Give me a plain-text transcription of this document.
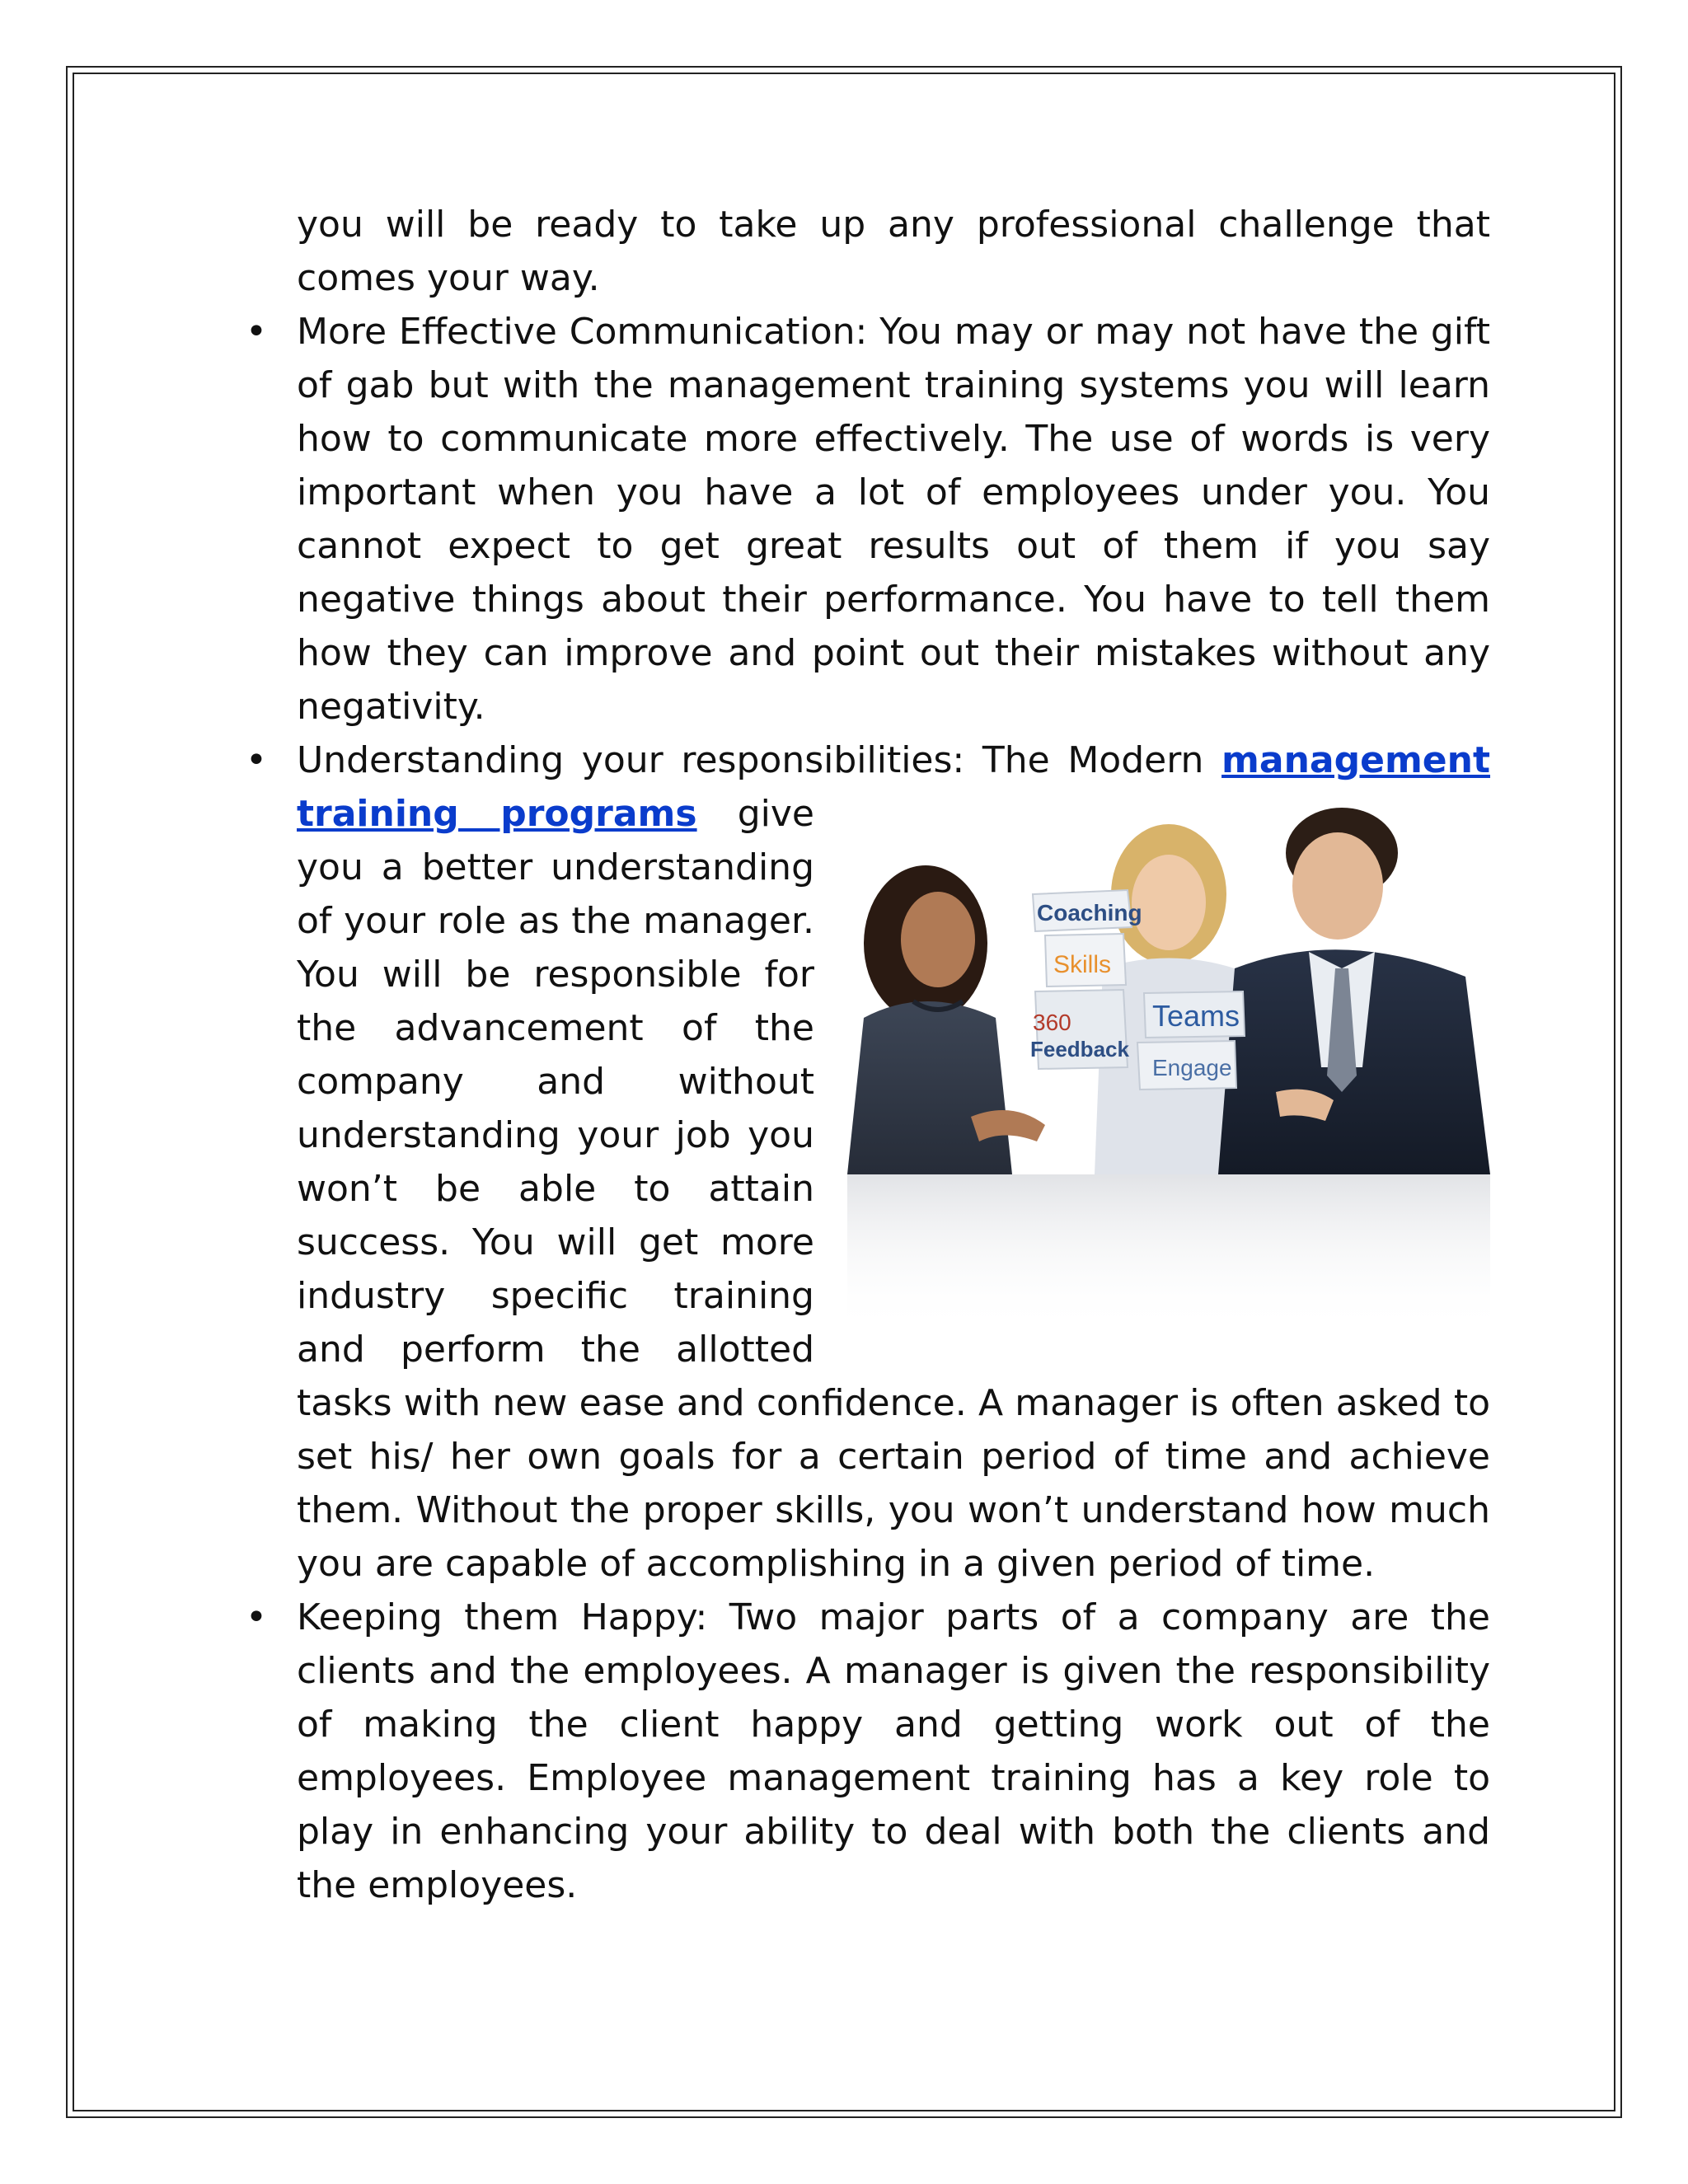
you will be ready to take up any professional challenge that comes your way.

• More Effective Communication: You may or may not have the gift of gab but with the management training systems you will learn how to communicate more effectively. The use of words is very important when you have a lot of employees under you. You cannot expect to get great results out of them if you say negative things about their performance. You have to tell them how they can improve and point out their mistakes without any negativity.

• Understanding your responsibilities: The Modern management training programs
Coaching
Skills
360
Feedback
Teams
Engage
give you a better understanding of your role as the manager. You will be responsible for the advancement of the company and without understanding your job you won’t be able to attain success. You will get more industry specific training and perform the allotted tasks with new ease and confidence. A manager is often asked to set his/ her own goals for a certain period of time and achieve them. Without the proper skills, you won’t understand how much you are capable of accomplishing in a given period of time.

• Keeping them Happy: Two major parts of a company are the clients and the employees. A manager is given the responsibility of making the client happy and getting work out of the employees. Employee management training has a key role to play in enhancing your ability to deal with both the clients and the employees.
